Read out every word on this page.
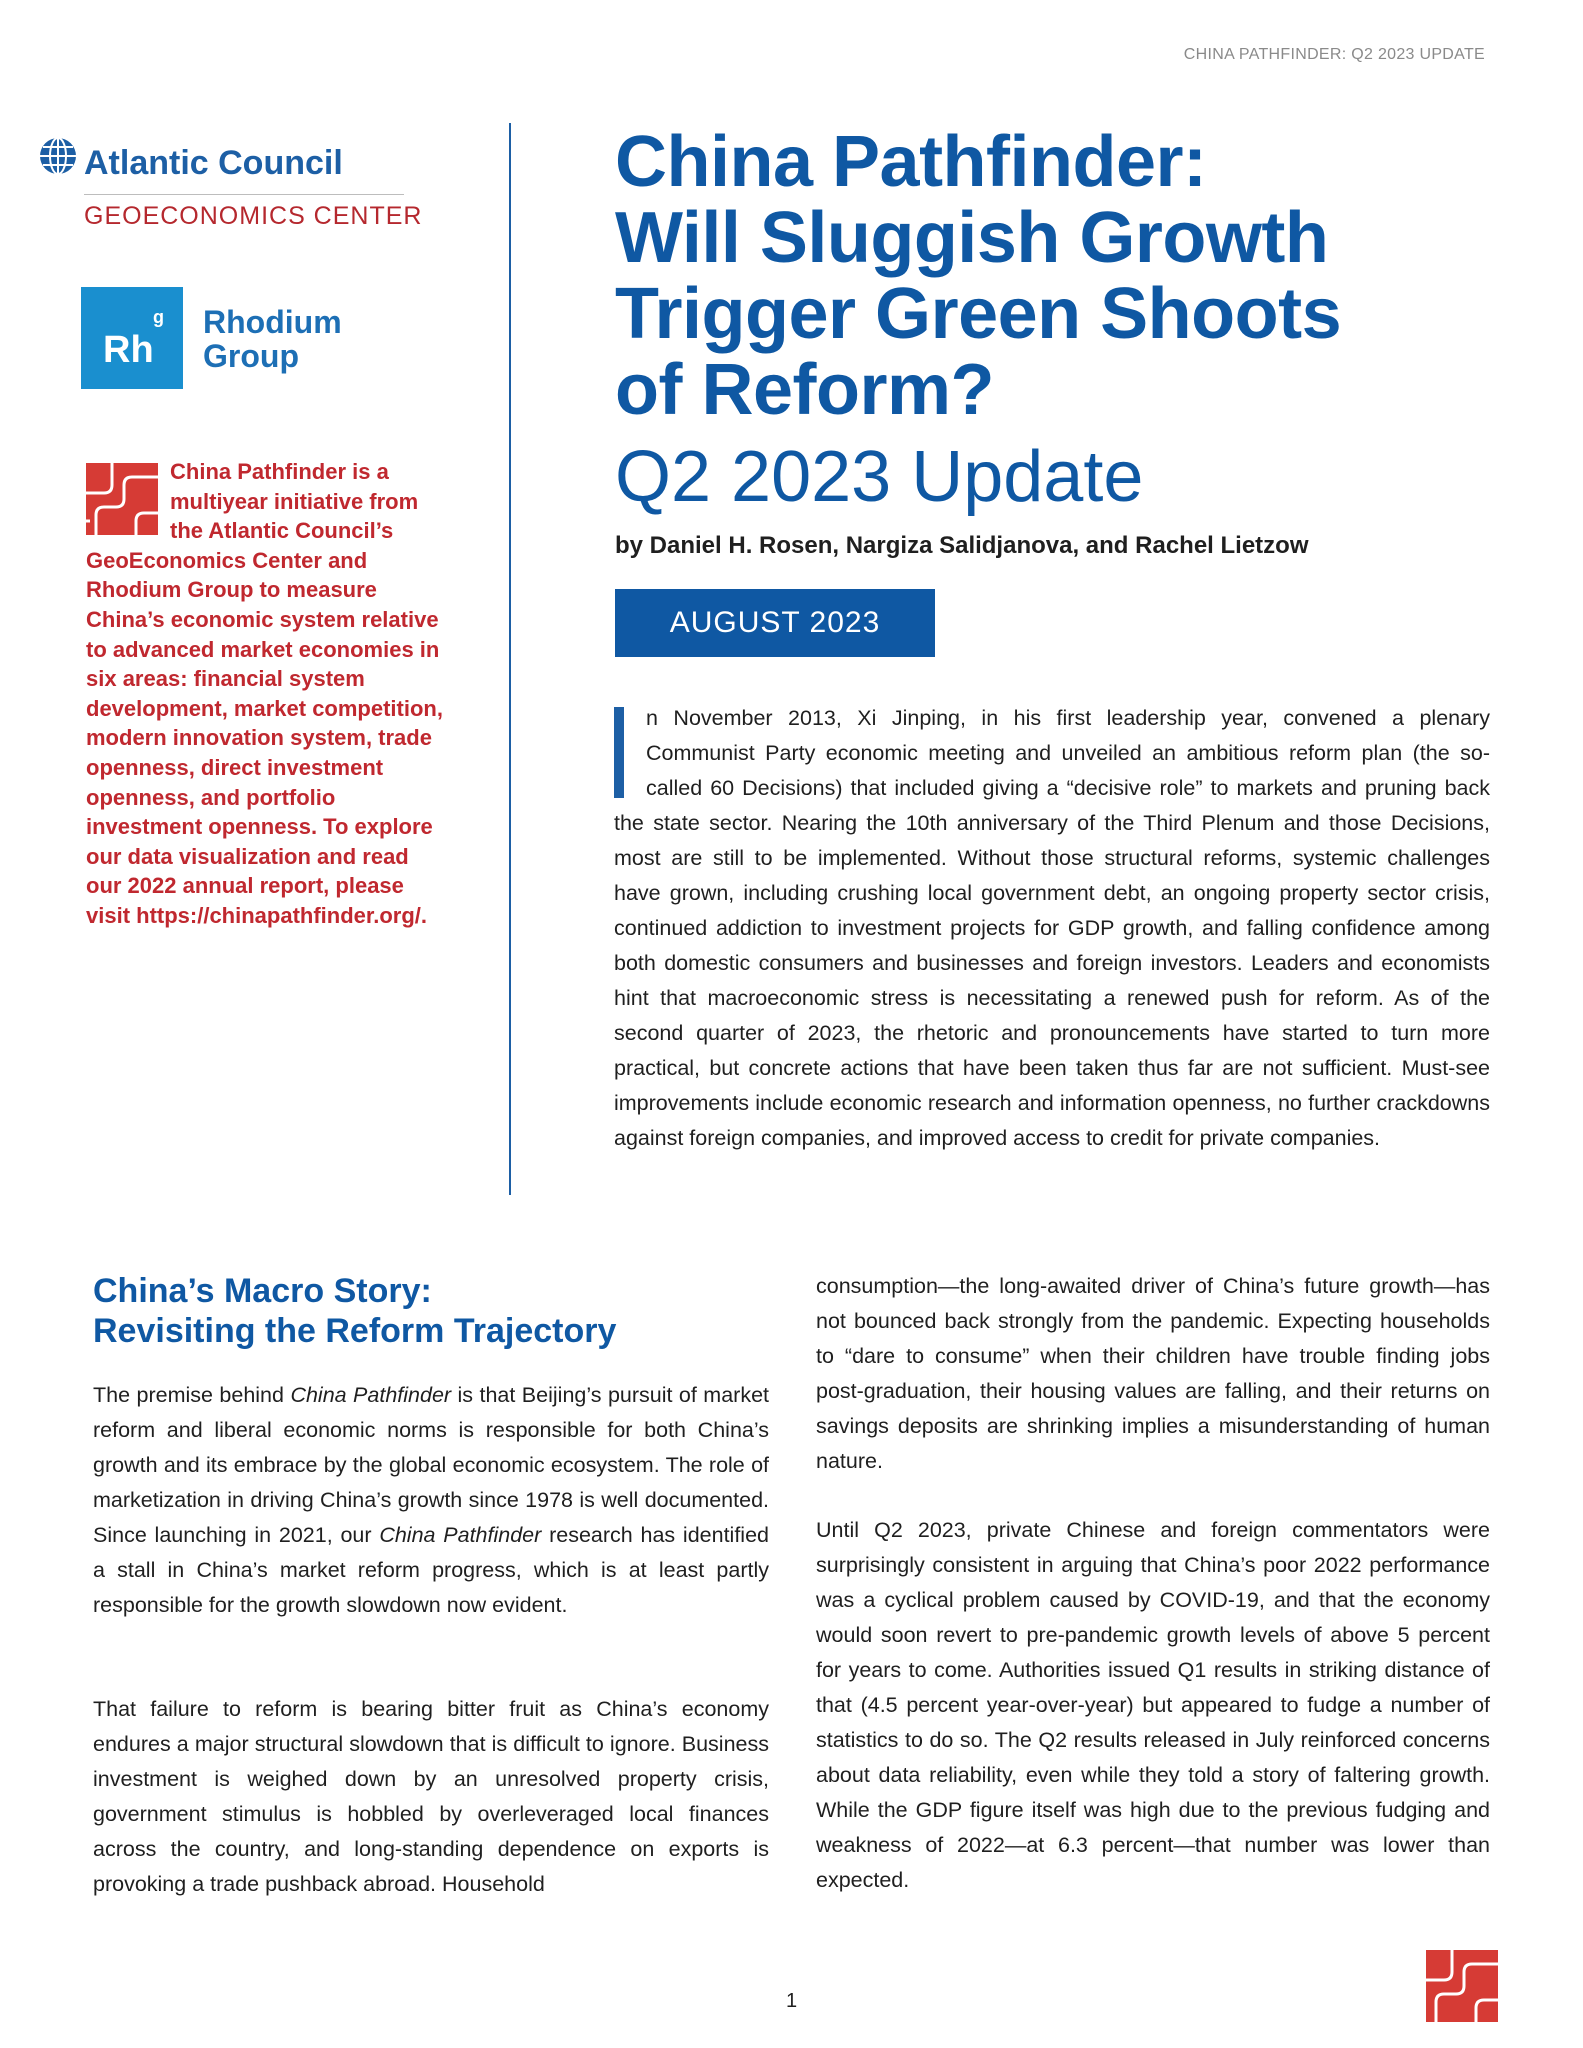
CHINA PATHFINDER: Q2 2023 UPDATE
Atlantic Council
GEOECONOMICS CENTER
Rh
g Rhodium
Group
China Pathfinder is a multiyear initiative from the Atlantic Council’s GeoEconomics Center and Rhodium Group to measure China’s economic system relative to advanced market economies in six areas: financial system development, market competition, modern innovation system, trade openness, direct investment openness, and portfolio investment openness. To explore our data visualization and read our 2022 annual report, please visit https://chinapathfinder.org/.
China Pathfinder:
Will Sluggish Growth
Trigger Green Shoots
of Reform?
Q2 2023 Update
by Daniel H. Rosen, Nargiza Salidjanova, and Rachel Lietzow
AUGUST 2023
n November 2013, Xi Jinping, in his first leadership year, convened a plenary Communist Party economic meeting and unveiled an ambitious reform plan (the so-called 60 Decisions) that included giving a “decisive role” to markets and pruning back the state sector. Nearing the 10th anniversary of the Third Plenum and those Decisions, most are still to be implemented. Without those structural reforms, systemic challenges have grown, including crushing local government debt, an ongoing property sector crisis, continued addiction to investment projects for GDP growth, and falling confidence among both domestic consumers and businesses and foreign investors. Leaders and economists hint that macroeconomic stress is necessitating a renewed push for reform. As of the second quarter of 2023, the rhetoric and pronouncements have started to turn more practical, but concrete actions that have been taken thus far are not sufficient. Must-see improvements include economic research and information openness, no further crackdowns against foreign companies, and improved access to credit for private companies.
China’s Macro Story:
Revisiting the Reform Trajectory

The premise behind China Pathfinder is that Beijing’s pursuit of market reform and liberal economic norms is responsible for both China’s growth and its embrace by the global economic ecosystem. The role of marketization in driving China’s growth since 1978 is well documented. Since launching in 2021, our China Pathfinder research has identified a stall in China’s market reform progress, which is at least partly responsible for the growth slowdown now evident.

That failure to reform is bearing bitter fruit as China’s economy endures a major structural slowdown that is difficult to ignore. Business investment is weighed down by an unresolved property crisis, government stimulus is hobbled by overleveraged local finances across the country, and long-standing dependence on exports is provoking a trade pushback abroad. Household

consumption—the long-awaited driver of China’s future growth—has not bounced back strongly from the pandemic. Expecting households to “dare to consume” when their children have trouble finding jobs post-graduation, their housing values are falling, and their returns on savings deposits are shrinking implies a misunderstanding of human nature.

Until Q2 2023, private Chinese and foreign commentators were surprisingly consistent in arguing that China’s poor 2022 performance was a cyclical problem caused by COVID-19, and that the economy would soon revert to pre-pandemic growth levels of above 5 percent for years to come. Authorities issued Q1 results in striking distance of that (4.5 percent year-over-year) but appeared to fudge a number of statistics to do so. The Q2 results released in July reinforced concerns about data reliability, even while they told a story of faltering growth. While the GDP figure itself was high due to the previous fudging and weakness of 2022—at 6.3 percent—that number was lower than expected.

1
